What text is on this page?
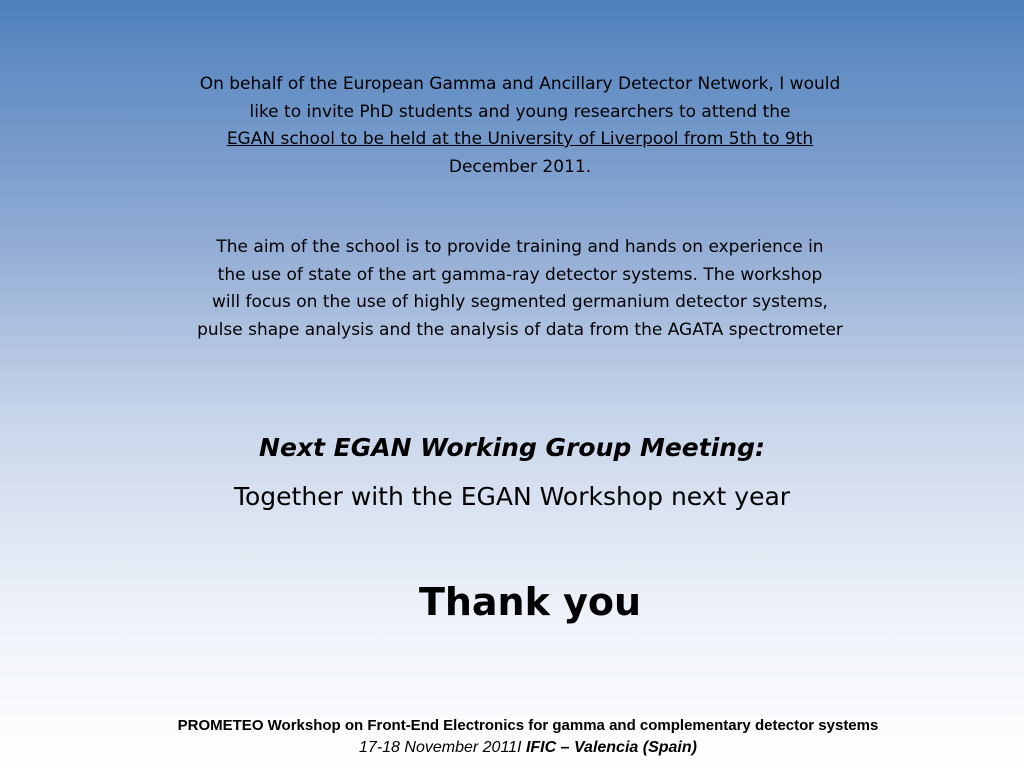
On behalf of the European Gamma and Ancillary Detector Network, I would
like to invite PhD students and young researchers to attend the
EGAN school to be held at the University of Liverpool from 5th to 9th
December 2011.
The aim of the school is to provide training and hands on experience in
the use of state of the art gamma-ray detector systems. The workshop
will focus on the use of highly segmented germanium detector systems,
pulse shape analysis and the analysis of data from the AGATA spectrometer
Next EGAN Working Group Meeting:
Together with the EGAN Workshop next year
Thank you
PROMETEO Workshop on Front-End Electronics for gamma and complementary detector systems
17-18 November 2011I IFIC – Valencia (Spain)
